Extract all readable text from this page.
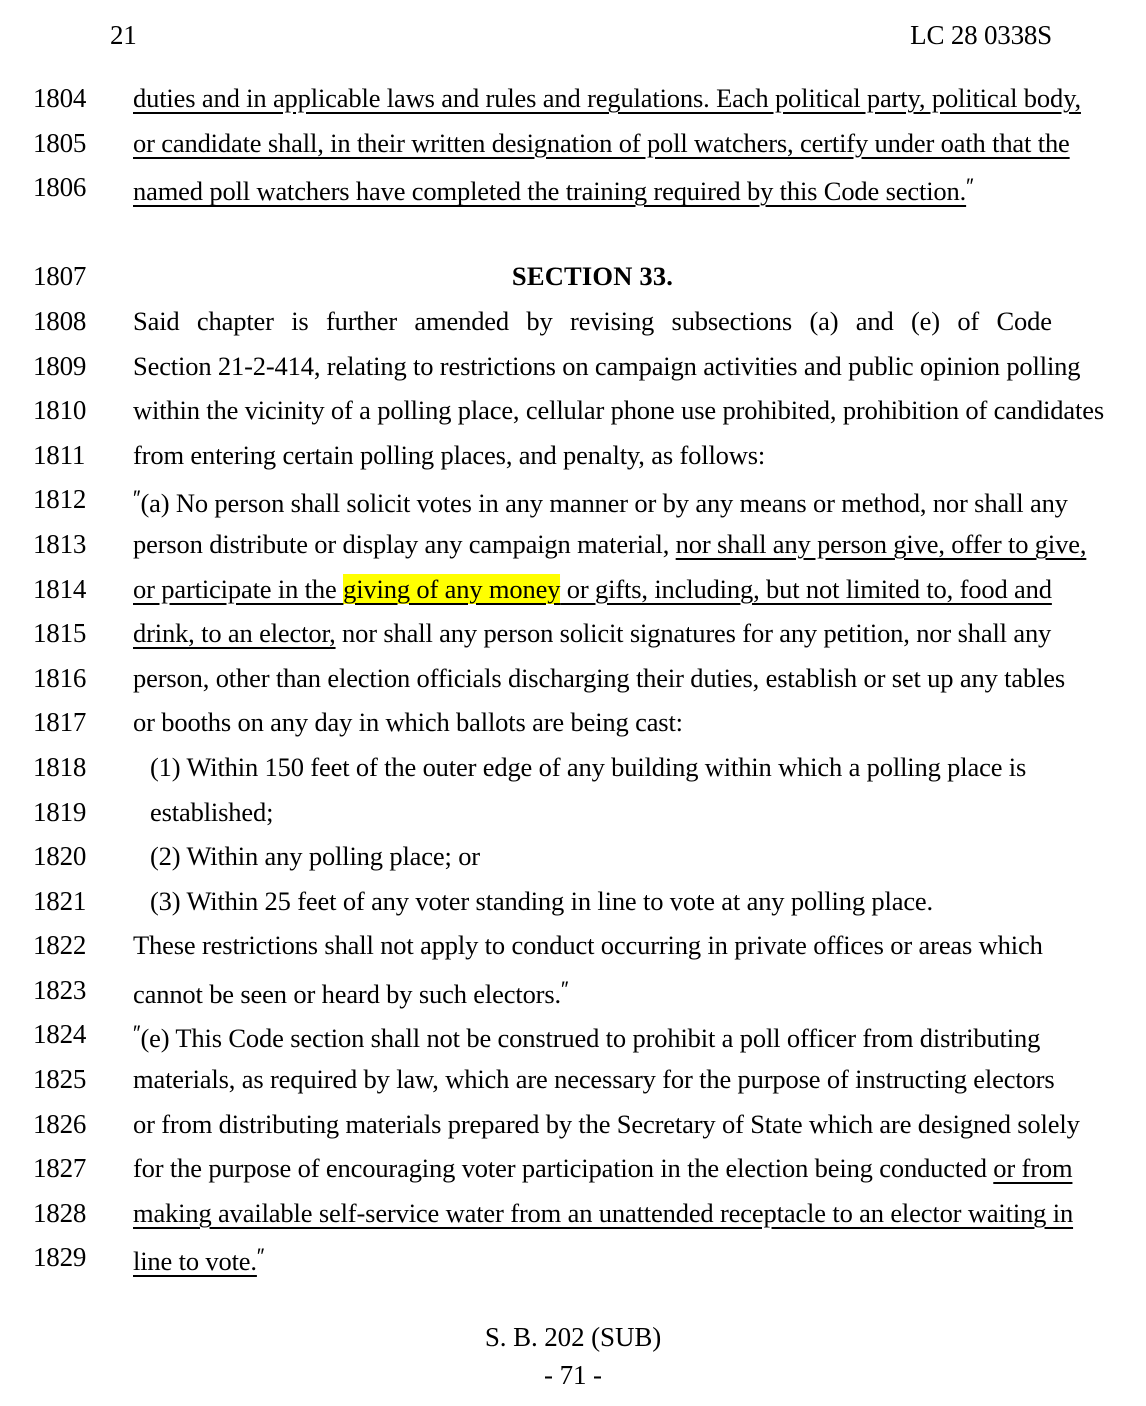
21	LC 28 0338S
1804	duties and in applicable laws and rules and regulations. Each political party, political body,
1805	or candidate shall, in their written designation of poll watchers, certify under oath that the
1806	named poll watchers have completed the training required by this Code section.″
1807	SECTION 33.
1808	Said chapter is further amended by revising subsections (a) and (e) of Code
1809	Section 21-2-414, relating to restrictions on campaign activities and public opinion polling
1810	within the vicinity of a polling place, cellular phone use prohibited, prohibition of candidates
1811	from entering certain polling places, and penalty, as follows:
1812	″(a) No person shall solicit votes in any manner or by any means or method, nor shall any
1813	person distribute or display any campaign material, nor shall any person give, offer to give,
1814	or participate in the giving of any money or gifts, including, but not limited to, food and
1815	drink, to an elector, nor shall any person solicit signatures for any petition, nor shall any
1816	person, other than election officials discharging their duties, establish or set up any tables
1817	or booths on any day in which ballots are being cast:
1818	(1) Within 150 feet of the outer edge of any building within which a polling place is
1819	established;
1820	(2) Within any polling place; or
1821	(3) Within 25 feet of any voter standing in line to vote at any polling place.
1822	These restrictions shall not apply to conduct occurring in private offices or areas which
1823	cannot be seen or heard by such electors.″
1824	″(e) This Code section shall not be construed to prohibit a poll officer from distributing
1825	materials, as required by law, which are necessary for the purpose of instructing electors
1826	or from distributing materials prepared by the Secretary of State which are designed solely
1827	for the purpose of encouraging voter participation in the election being conducted or from
1828	making available self-service water from an unattended receptacle to an elector waiting in
1829	line to vote.″
S. B. 202 (SUB)
- 71 -
